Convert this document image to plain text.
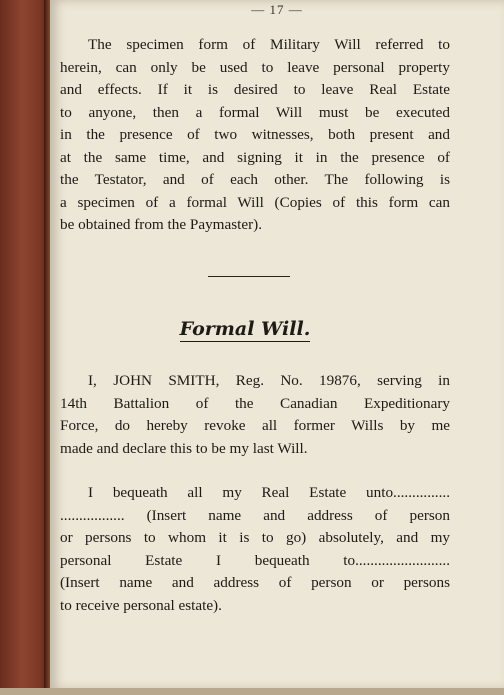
— 17 —

The specimen form of Military Will referred to
herein, can only be used to leave personal property
and effects. If it is desired to leave Real Estate
to anyone, then a formal Will must be executed
in the presence of two witnesses, both present and
at the same time, and signing it in the presence of
the Testator, and of each other. The following is
a specimen of a formal Will (Copies of this form can
be obtained from the Paymaster).

Formal Will.

I, JOHN SMITH, Reg. No. 19876, serving in
14th Battalion of the Canadian Expeditionary
Force, do hereby revoke all former Wills by me
made and declare this to be my last Will.

I bequeath all my Real Estate unto...............
................. (Insert name and address of person
or persons to whom it is to go) absolutely, and my
personal Estate I bequeath to.........................
(Insert name and address of person or persons
to receive personal estate).
